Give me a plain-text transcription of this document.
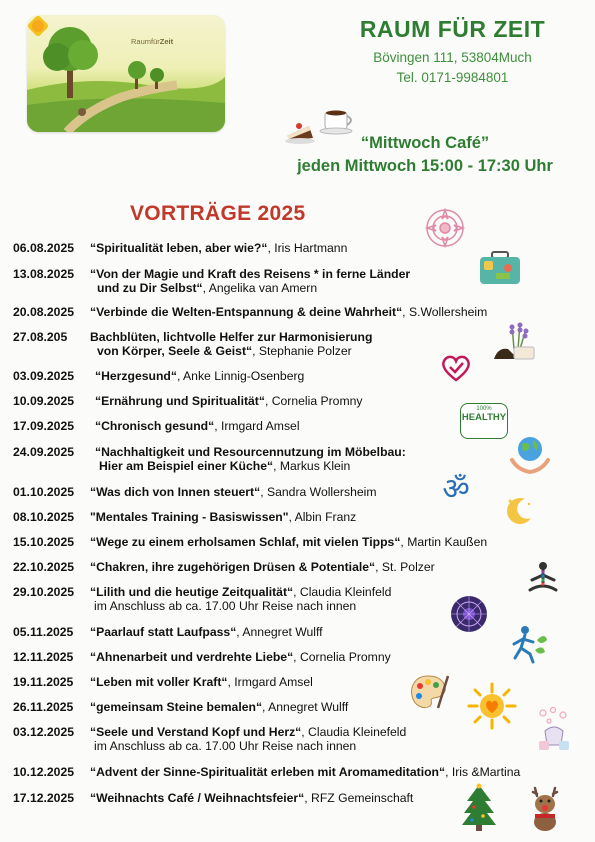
RaumfürZeit	RAUM FÜR ZEIT
Bövingen 111, 53804Much
Tel. 0171-9984801
“Mittwoch Café”
jeden Mittwoch 15:00 - 17:30 Uhr
VORTRÄGE 2025
06.08.2025 “Spiritualität leben, aber wie?“, Iris Hartmann
13.08.2025 “Von der Magie und Kraft des Reisens * in ferne Länder
und zu Dir Selbst“, Angelika van Amern
20.08.2025 “Verbinde die Welten-Entspannung & deine Wahrheit“, S.Wollersheim
27.08.205 Bachblüten, lichtvolle Helfer zur Harmonisierung
von Körper, Seele & Geist“, Stephanie Polzer
03.09.2025 “Herzgesund“, Anke Linnig-Osenberg
10.09.2025 “Ernährung und Spiritualität“, Cornelia Promny
17.09.2025 “Chronisch gesund“, Irmgard Amsel
24.09.2025 “Nachhaltigkeit und Resourcennutzung im Möbelbau:
Hier am Beispiel einer Küche“, Markus Klein
01.10.2025 “Was dich von Innen steuert“, Sandra Wollersheim
08.10.2025 "Mentales Training - Basiswissen", Albin Franz
15.10.2025 “Wege zu einem erholsamen Schlaf, mit vielen Tipps“, Martin Kaußen
22.10.2025 “Chakren, ihre zugehörigen Drüsen & Potentiale“, St. Polzer
29.10.2025 “Lilith und die heutige Zeitqualität“, Claudia Kleinfeld
im Anschluss ab ca. 17.00 Uhr Reise nach innen
05.11.2025 “Paarlauf statt Laufpass“, Annegret Wulff
12.11.2025 “Ahnenarbeit und verdrehte Liebe“, Cornelia Promny
19.11.2025 “Leben mit voller Kraft“, Irmgard Amsel
26.11.2025 “gemeinsam Steine bemalen“, Annegret Wulff
03.12.2025 “Seele und Verstand Kopf und Herz“, Claudia Kleinefeld
im Anschluss ab ca. 17.00 Uhr Reise nach innen
10.12.2025 “Advent der Sinne-Spiritualität erleben mit Aromameditation“, Iris &Martina
17.12.2025 “Weihnachts Café / Weihnachtsfeier“, RFZ Gemeinschaft
100%
HEALTHY
ॐ
